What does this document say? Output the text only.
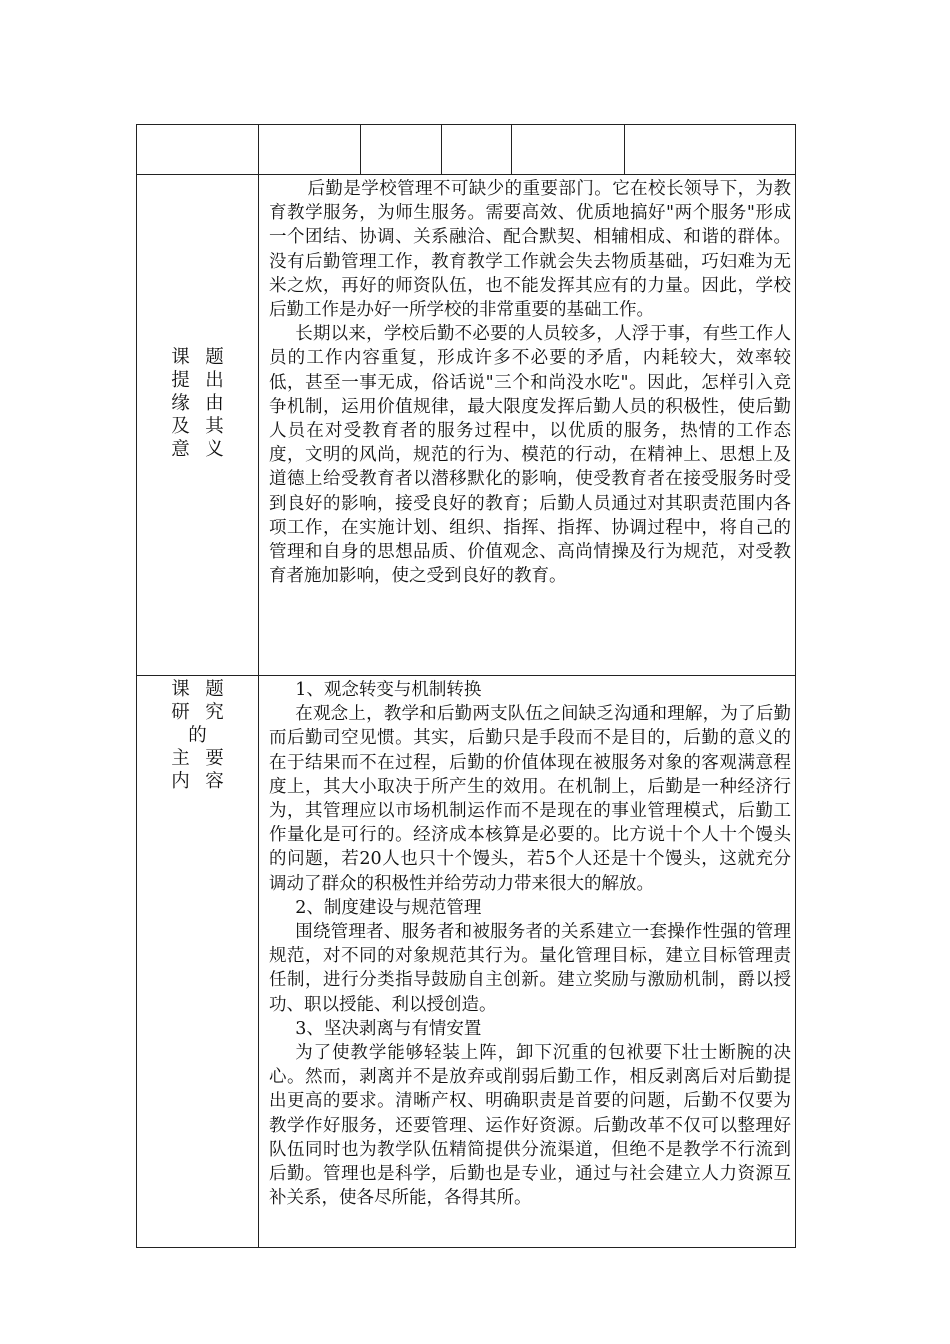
课 题
提 出
缘 由
及 其
意 义

后勤是学校管理不可缺少的重要部门。它在校长领导下，为教育教学服务，为师生服务。需要高效、优质地搞好"两个服务"形成一个团结、协调、关系融洽、配合默契、相辅相成、和谐的群体。没有后勤管理工作，教育教学工作就会失去物质基础，巧妇难为无米之炊，再好的师资队伍，也不能发挥其应有的力量。因此，学校后勤工作是办好一所学校的非常重要的基础工作。

长期以来，学校后勤不必要的人员较多，人浮于事，有些工作人员的工作内容重复，形成许多不必要的矛盾，内耗较大，效率较低，甚至一事无成，俗话说"三个和尚没水吃"。因此，怎样引入竞争机制，运用价值规律，最大限度发挥后勤人员的积极性，使后勤人员在对受教育者的服务过程中，以优质的服务，热情的工作态度，文明的风尚，规范的行为、模范的行动，在精神上、思想上及道德上给受教育者以潜移默化的影响，使受教育者在接受服务时受到良好的影响，接受良好的教育；后勤人员通过对其职责范围内各项工作，在实施计划、组织、指挥、指挥、协调过程中，将自己的管理和自身的思想品质、价值观念、高尚情操及行为规范，对受教育者施加影响，使之受到良好的教育。

课 题
研 究
的
主 要
内 容

1、观念转变与机制转换

在观念上，教学和后勤两支队伍之间缺乏沟通和理解，为了后勤而后勤司空见惯。其实，后勤只是手段而不是目的，后勤的意义的在于结果而不在过程，后勤的价值体现在被服务对象的客观满意程度上，其大小取决于所产生的效用。在机制上，后勤是一种经济行为，其管理应以市场机制运作而不是现在的事业管理模式，后勤工作量化是可行的。经济成本核算是必要的。比方说十个人十个馒头的问题，若20人也只十个馒头，若5个人还是十个馒头，这就充分调动了群众的积极性并给劳动力带来很大的解放。

2、制度建设与规范管理

围绕管理者、服务者和被服务者的关系建立一套操作性强的管理规范，对不同的对象规范其行为。量化管理目标，建立目标管理责任制，进行分类指导鼓励自主创新。建立奖励与激励机制，爵以授功、职以授能、利以授创造。

3、坚决剥离与有情安置

为了使教学能够轻装上阵，卸下沉重的包袱要下壮士断腕的决心。然而，剥离并不是放弃或削弱后勤工作，相反剥离后对后勤提出更高的要求。清晰产权、明确职责是首要的问题，后勤不仅要为教学作好服务，还要管理、运作好资源。后勤改革不仅可以整理好队伍同时也为教学队伍精简提供分流渠道，但绝不是教学不行流到后勤。管理也是科学，后勤也是专业，通过与社会建立人力资源互补关系，使各尽所能，各得其所。
